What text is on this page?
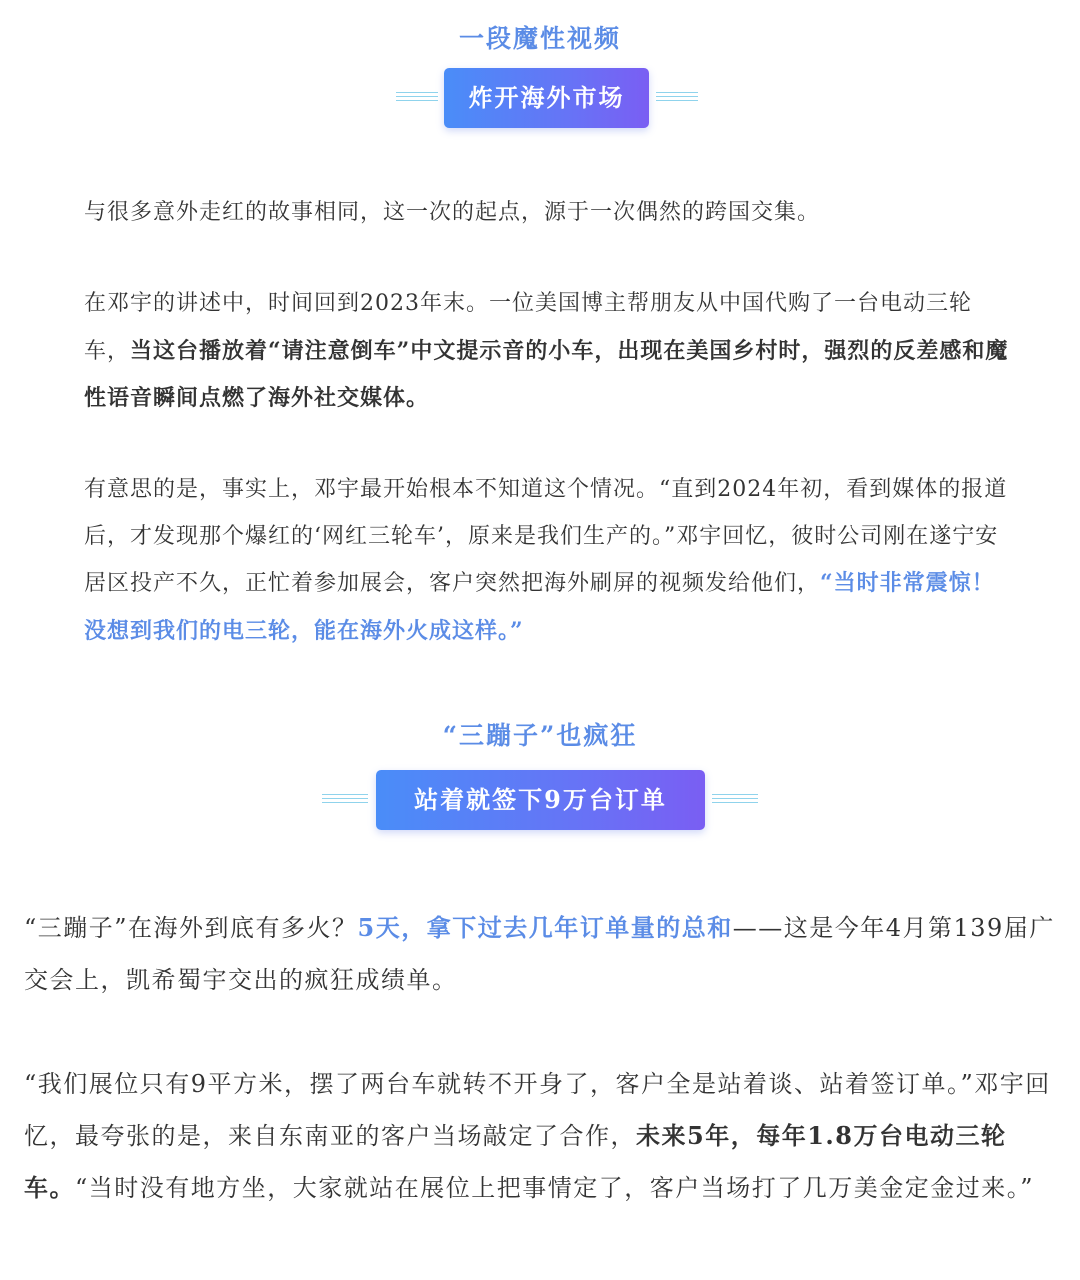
一段魔性视频
炸开海外市场

与很多意外走红的故事相同，这一次的起点，源于一次偶然的跨国交集。

在邓宇的讲述中，时间回到2023年末。一位美国博主帮朋友从中国代购了一台电动三轮车，当这台播放着“请注意倒车”中文提示音的小车，出现在美国乡村时，强烈的反差感和魔性语音瞬间点燃了海外社交媒体。

有意思的是，事实上，邓宇最开始根本不知道这个情况。“直到2024年初，看到媒体的报道后，才发现那个爆红的‘网红三轮车’，原来是我们生产的。”邓宇回忆，彼时公司刚在遂宁安居区投产不久，正忙着参加展会，客户突然把海外刷屏的视频发给他们，“当时非常震惊！没想到我们的电三轮，能在海外火成这样。”

“三蹦子”也疯狂
站着就签下9万台订单

“三蹦子”在海外到底有多火？5天，拿下过去几年订单量的总和——这是今年4月第139届广交会上，凯希蜀宇交出的疯狂成绩单。

“我们展位只有9平方米，摆了两台车就转不开身了，客户全是站着谈、站着签订单。”邓宇回忆，最夸张的是，来自东南亚的客户当场敲定了合作，未来5年，每年1.8万台电动三轮车。“当时没有地方坐，大家就站在展位上把事情定了，客户当场打了几万美金定金过来。”
